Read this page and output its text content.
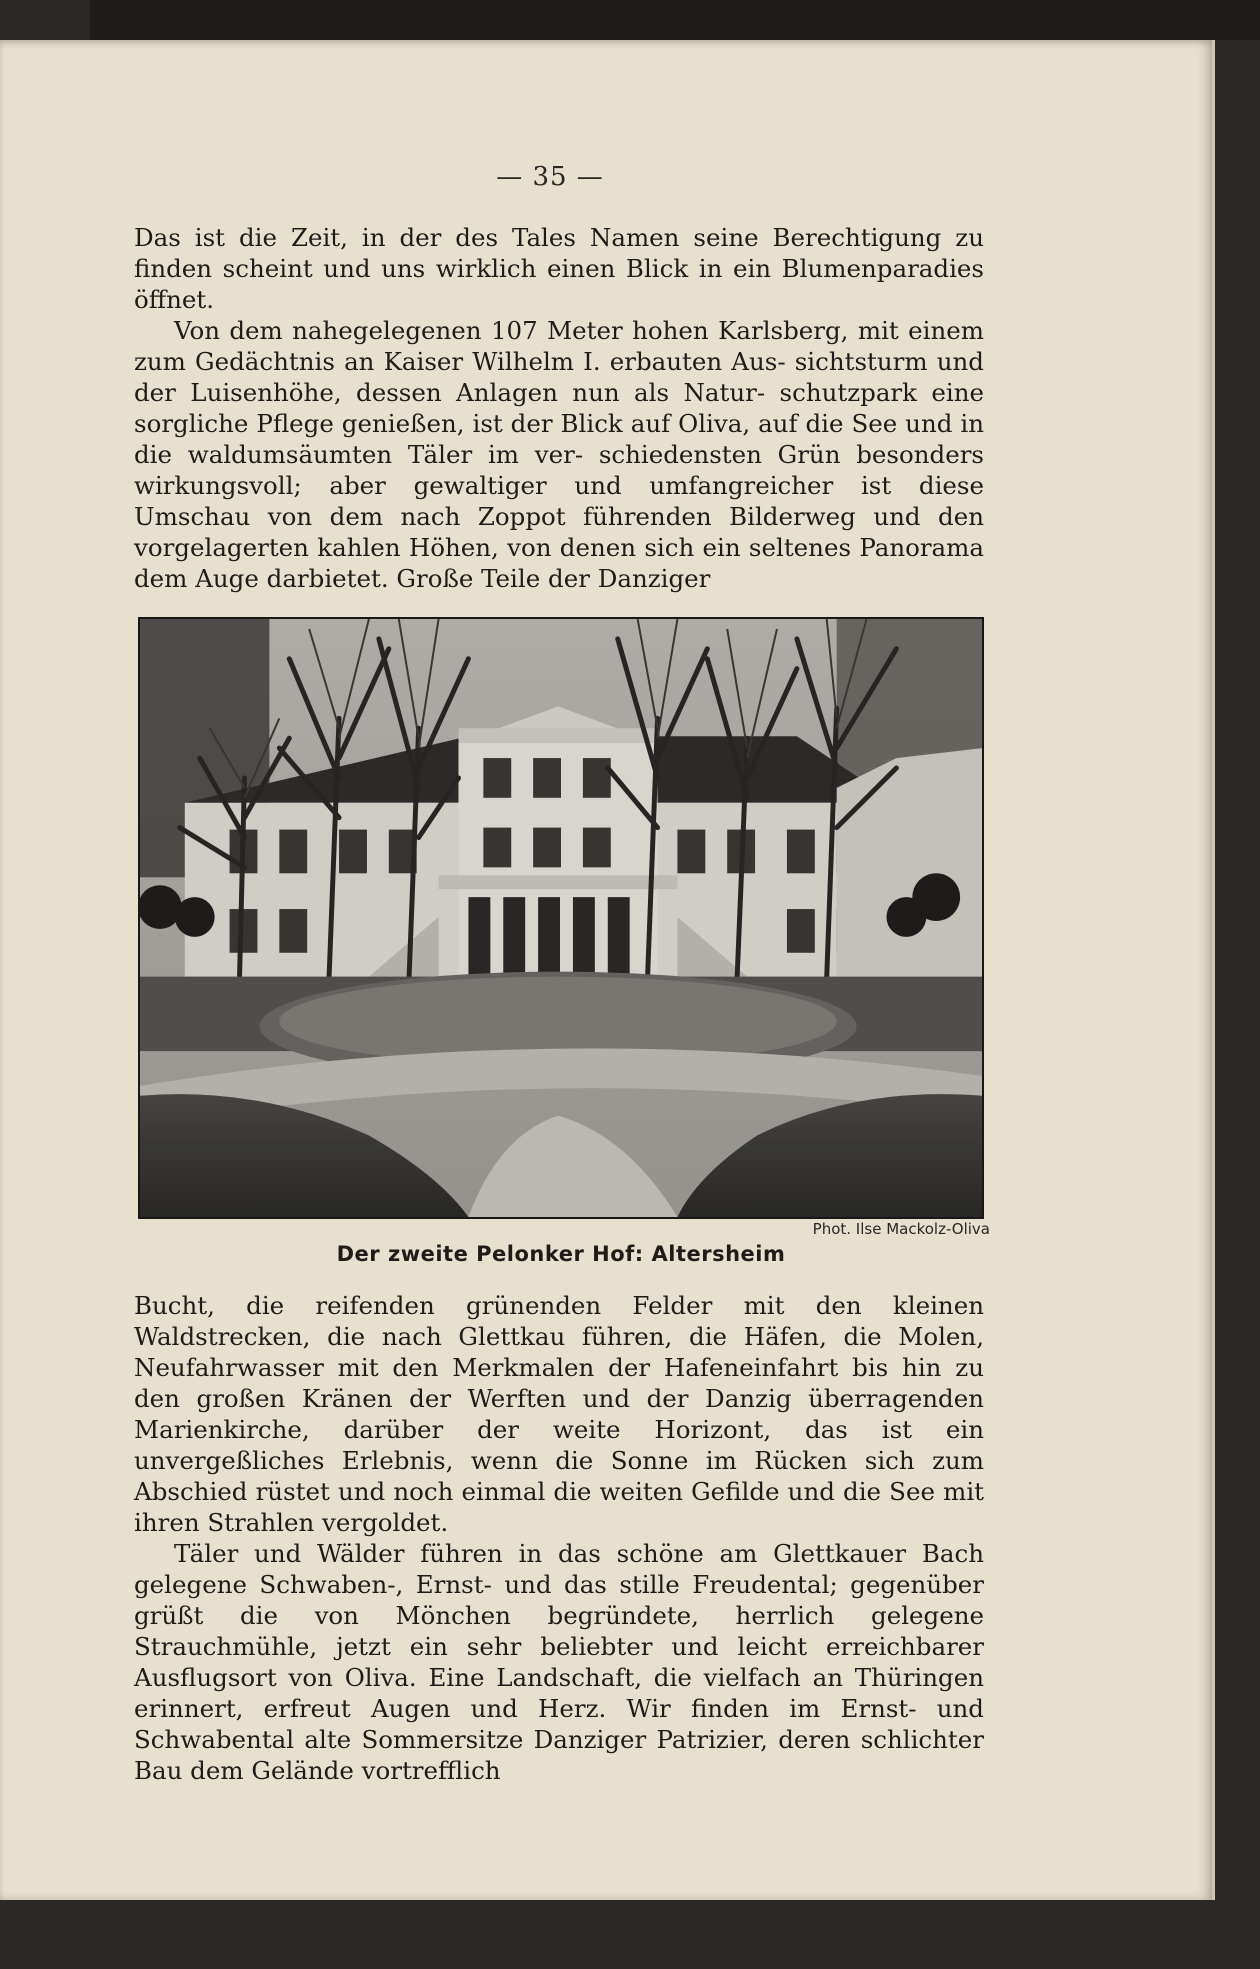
— 35 —

Das ist die Zeit, in der des Tales Namen seine Berechtigung zu finden scheint und uns wirklich einen Blick in ein Blumenparadies öffnet.

Von dem nahegelegenen 107 Meter hohen Karlsberg, mit einem zum Gedächtnis an Kaiser Wilhelm I. erbauten Aus- sichtsturm und der Luisenhöhe, dessen Anlagen nun als Natur- schutzpark eine sorgliche Pflege genießen, ist der Blick auf Oliva, auf die See und in die waldumsäumten Täler im ver- schiedensten Grün besonders wirkungsvoll; aber gewaltiger und umfangreicher ist diese Umschau von dem nach Zoppot führenden Bilderweg und den vorgelagerten kahlen Höhen, von denen sich ein seltenes Panorama dem Auge darbietet. Große Teile der Danziger

Phot. Ilse Mackolz-Oliva
Der zweite Pelonker Hof: Altersheim

Bucht, die reifenden grünenden Felder mit den kleinen Waldstrecken, die nach Glettkau führen, die Häfen, die Molen, Neufahrwasser mit den Merkmalen der Hafeneinfahrt bis hin zu den großen Kränen der Werften und der Danzig überragenden Marienkirche, darüber der weite Horizont, das ist ein unvergeßliches Erlebnis, wenn die Sonne im Rücken sich zum Abschied rüstet und noch einmal die weiten Gefilde und die See mit ihren Strahlen vergoldet.

Täler und Wälder führen in das schöne am Glettkauer Bach gelegene Schwaben-, Ernst- und das stille Freudental; gegenüber grüßt die von Mönchen begründete, herrlich gelegene Strauchmühle, jetzt ein sehr beliebter und leicht erreichbarer Ausflugsort von Oliva. Eine Landschaft, die vielfach an Thüringen erinnert, erfreut Augen und Herz. Wir finden im Ernst- und Schwabental alte Sommersitze Danziger Patrizier, deren schlichter Bau dem Gelände vortrefflich
